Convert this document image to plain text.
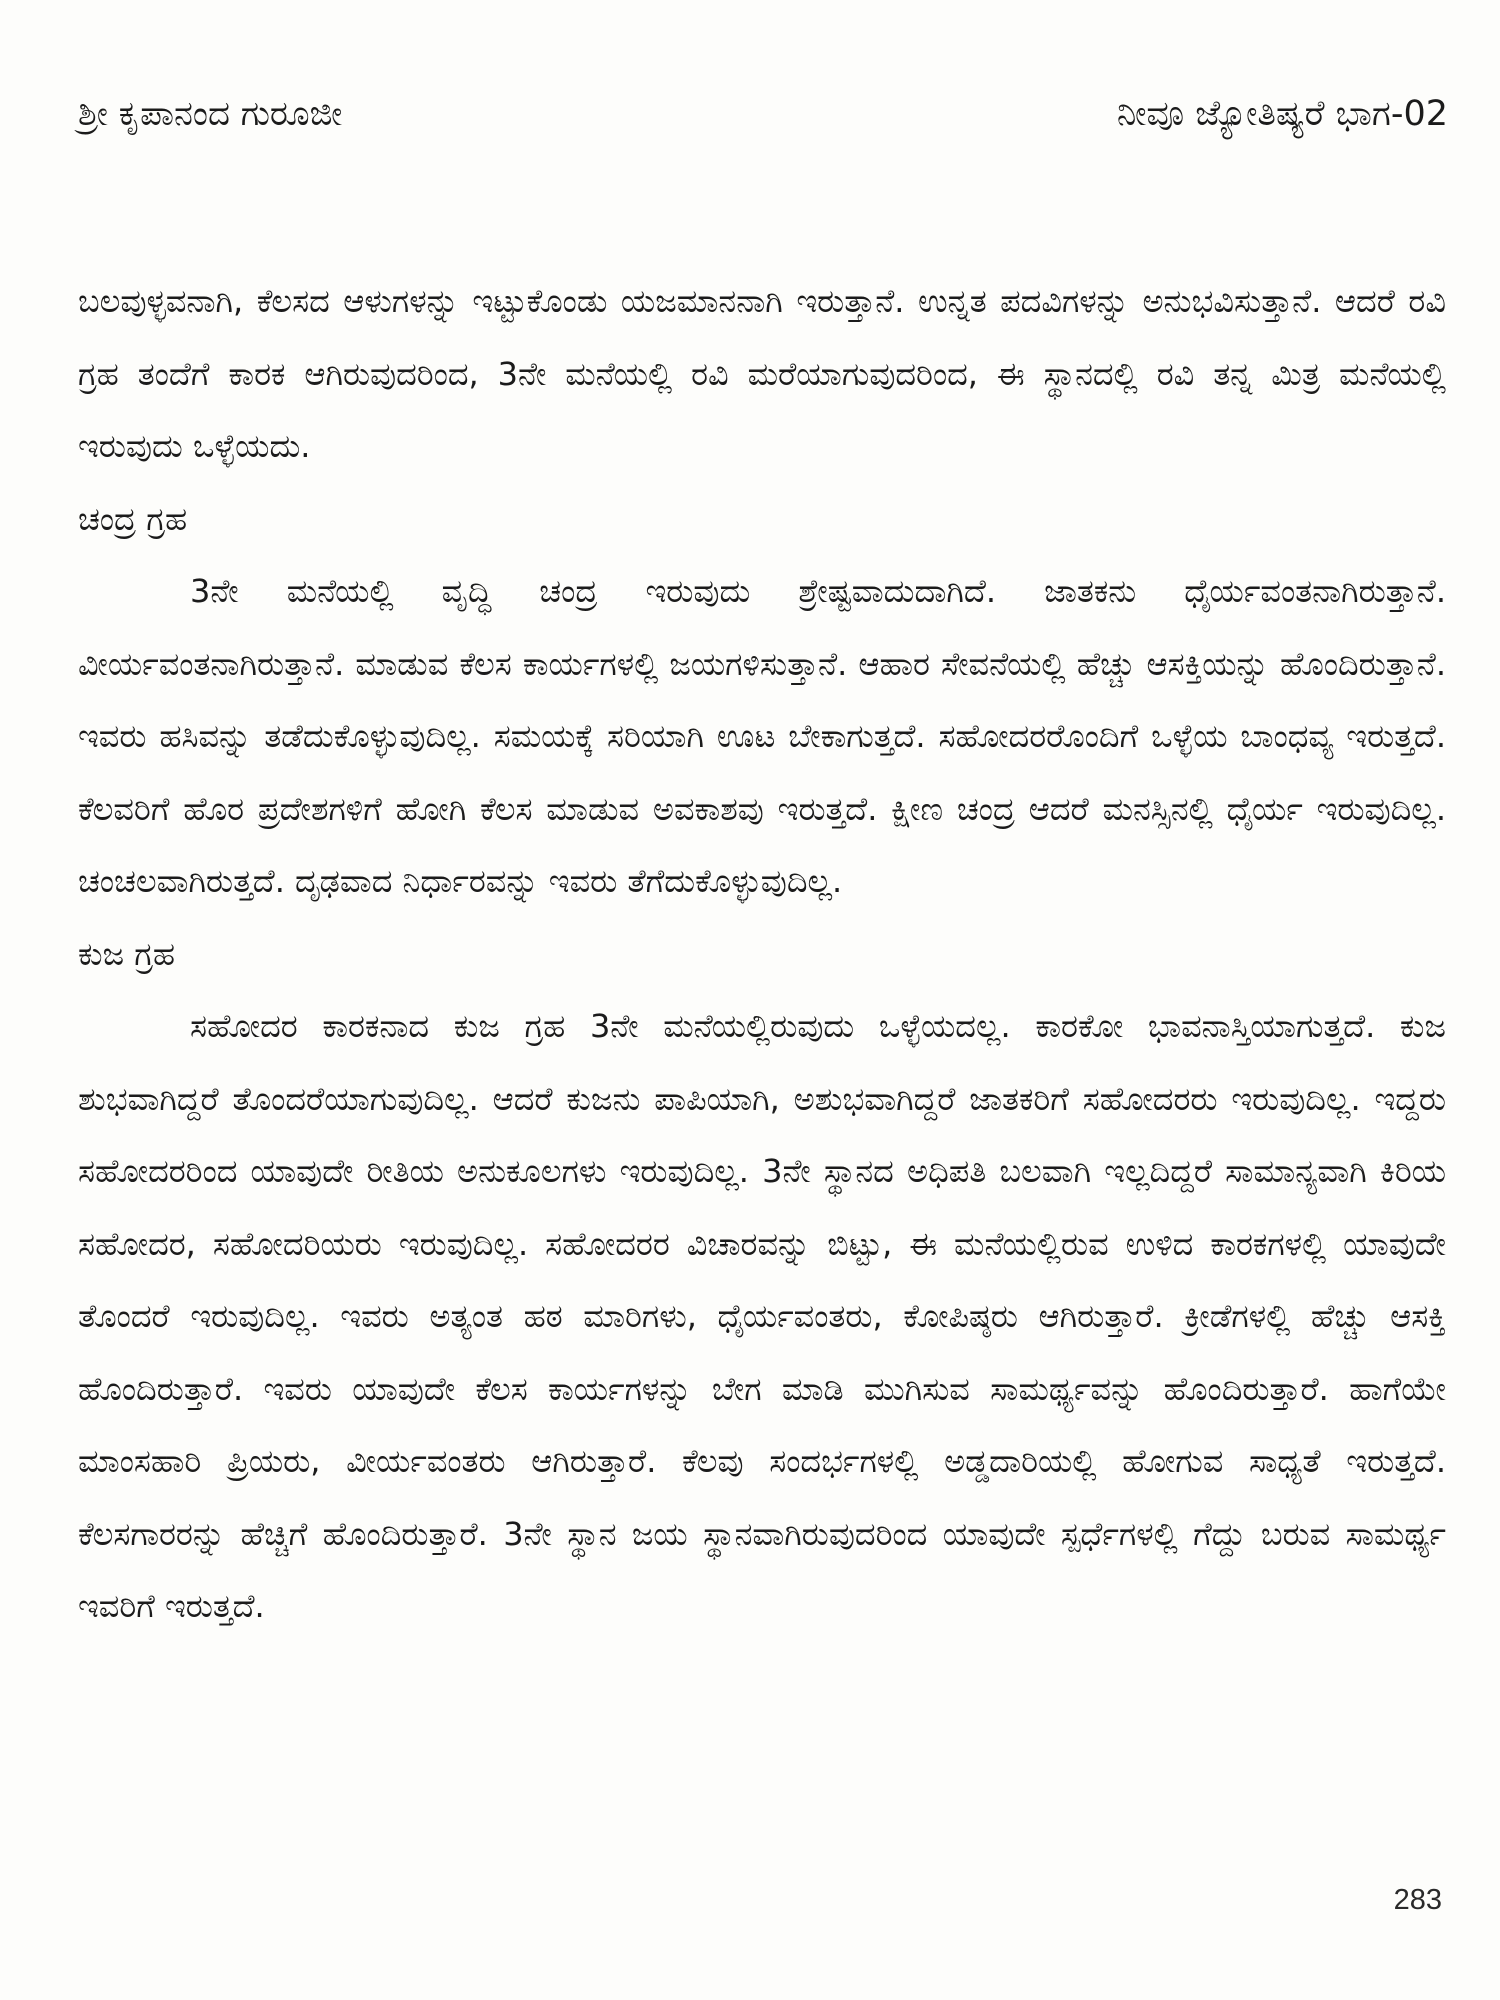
ಶ್ರೀ ಕೃಪಾನಂದ ಗುರೂಜೀ	ನೀವೂ ಜ್ಯೋತಿಷ್ಯರೆ ಭಾಗ-02

ಬಲವುಳ್ಳವನಾಗಿ, ಕೆಲಸದ ಆಳುಗಳನ್ನು ಇಟ್ಟುಕೊಂಡು ಯಜಮಾನನಾಗಿ ಇರುತ್ತಾನೆ. ಉನ್ನತ ಪದವಿಗಳನ್ನು ಅನುಭವಿಸುತ್ತಾನೆ. ಆದರೆ ರವಿ ಗ್ರಹ ತಂದೆಗೆ ಕಾರಕ ಆಗಿರುವುದರಿಂದ, 3ನೇ ಮನೆಯಲ್ಲಿ ರವಿ ಮರೆಯಾಗುವುದರಿಂದ, ಈ ಸ್ಥಾನದಲ್ಲಿ ರವಿ ತನ್ನ ಮಿತ್ರ ಮನೆಯಲ್ಲಿ ಇರುವುದು ಒಳ್ಳೆಯದು.

ಚಂದ್ರ ಗ್ರಹ

3ನೇ ಮನೆಯಲ್ಲಿ ವೃದ್ಧಿ ಚಂದ್ರ ಇರುವುದು ಶ್ರೇಷ್ಟವಾದುದಾಗಿದೆ. ಜಾತಕನು ಧೈರ್ಯವಂತನಾಗಿರುತ್ತಾನೆ. ವೀರ್ಯವಂತನಾಗಿರುತ್ತಾನೆ. ಮಾಡುವ ಕೆಲಸ ಕಾರ್ಯಗಳಲ್ಲಿ ಜಯಗಳಿಸುತ್ತಾನೆ. ಆಹಾರ ಸೇವನೆಯಲ್ಲಿ ಹೆಚ್ಚು ಆಸಕ್ತಿಯನ್ನು ಹೊಂದಿರುತ್ತಾನೆ. ಇವರು ಹಸಿವನ್ನು ತಡೆದುಕೊಳ್ಳುವುದಿಲ್ಲ. ಸಮಯಕ್ಕೆ ಸರಿಯಾಗಿ ಊಟ ಬೇಕಾಗುತ್ತದೆ. ಸಹೋದರರೊಂದಿಗೆ ಒಳ್ಳೆಯ ಬಾಂಧವ್ಯ ಇರುತ್ತದೆ. ಕೆಲವರಿಗೆ ಹೊರ ಪ್ರದೇಶಗಳಿಗೆ ಹೋಗಿ ಕೆಲಸ ಮಾಡುವ ಅವಕಾಶವು ಇರುತ್ತದೆ. ಕ್ಷೀಣ ಚಂದ್ರ ಆದರೆ ಮನಸ್ಸಿನಲ್ಲಿ ಧೈರ್ಯ ಇರುವುದಿಲ್ಲ. ಚಂಚಲವಾಗಿರುತ್ತದೆ. ದೃಢವಾದ ನಿರ್ಧಾರವನ್ನು ಇವರು ತೆಗೆದುಕೊಳ್ಳುವುದಿಲ್ಲ.

ಕುಜ ಗ್ರಹ

ಸಹೋದರ ಕಾರಕನಾದ ಕುಜ ಗ್ರಹ 3ನೇ ಮನೆಯಲ್ಲಿರುವುದು ಒಳ್ಳೆಯದಲ್ಲ. ಕಾರಕೋ ಭಾವನಾಸ್ತಿಯಾಗುತ್ತದೆ. ಕುಜ ಶುಭವಾಗಿದ್ದರೆ ತೊಂದರೆಯಾಗುವುದಿಲ್ಲ. ಆದರೆ ಕುಜನು ಪಾಪಿಯಾಗಿ, ಅಶುಭವಾಗಿದ್ದರೆ ಜಾತಕರಿಗೆ ಸಹೋದರರು ಇರುವುದಿಲ್ಲ. ಇದ್ದರು ಸಹೋದರರಿಂದ ಯಾವುದೇ ರೀತಿಯ ಅನುಕೂಲಗಳು ಇರುವುದಿಲ್ಲ. 3ನೇ ಸ್ಥಾನದ ಅಧಿಪತಿ ಬಲವಾಗಿ ಇಲ್ಲದಿದ್ದರೆ ಸಾಮಾನ್ಯವಾಗಿ ಕಿರಿಯ ಸಹೋದರ, ಸಹೋದರಿಯರು ಇರುವುದಿಲ್ಲ. ಸಹೋದರರ ವಿಚಾರವನ್ನು ಬಿಟ್ಟು, ಈ ಮನೆಯಲ್ಲಿರುವ ಉಳಿದ ಕಾರಕಗಳಲ್ಲಿ ಯಾವುದೇ ತೊಂದರೆ ಇರುವುದಿಲ್ಲ. ಇವರು ಅತ್ಯಂತ ಹಠ ಮಾರಿಗಳು, ಧೈರ್ಯವಂತರು, ಕೋಪಿಷ್ಠರು ಆಗಿರುತ್ತಾರೆ. ಕ್ರೀಡೆಗಳಲ್ಲಿ ಹೆಚ್ಚು ಆಸಕ್ತಿ ಹೊಂದಿರುತ್ತಾರೆ. ಇವರು ಯಾವುದೇ ಕೆಲಸ ಕಾರ್ಯಗಳನ್ನು ಬೇಗ ಮಾಡಿ ಮುಗಿಸುವ ಸಾಮರ್ಥ್ಯವನ್ನು ಹೊಂದಿರುತ್ತಾರೆ. ಹಾಗೆಯೇ ಮಾಂಸಹಾರಿ ಪ್ರಿಯರು, ವೀರ್ಯವಂತರು ಆಗಿರುತ್ತಾರೆ. ಕೆಲವು ಸಂದರ್ಭಗಳಲ್ಲಿ ಅಡ್ಡದಾರಿಯಲ್ಲಿ ಹೋಗುವ ಸಾಧ್ಯತೆ ಇರುತ್ತದೆ. ಕೆಲಸಗಾರರನ್ನು ಹೆಚ್ಚಿಗೆ ಹೊಂದಿರುತ್ತಾರೆ. 3ನೇ ಸ್ಥಾನ ಜಯ ಸ್ಥಾನವಾಗಿರುವುದರಿಂದ ಯಾವುದೇ ಸ್ಪರ್ಧೆಗಳಲ್ಲಿ ಗೆದ್ದು ಬರುವ ಸಾಮರ್ಥ್ಯ ಇವರಿಗೆ ಇರುತ್ತದೆ.

283
